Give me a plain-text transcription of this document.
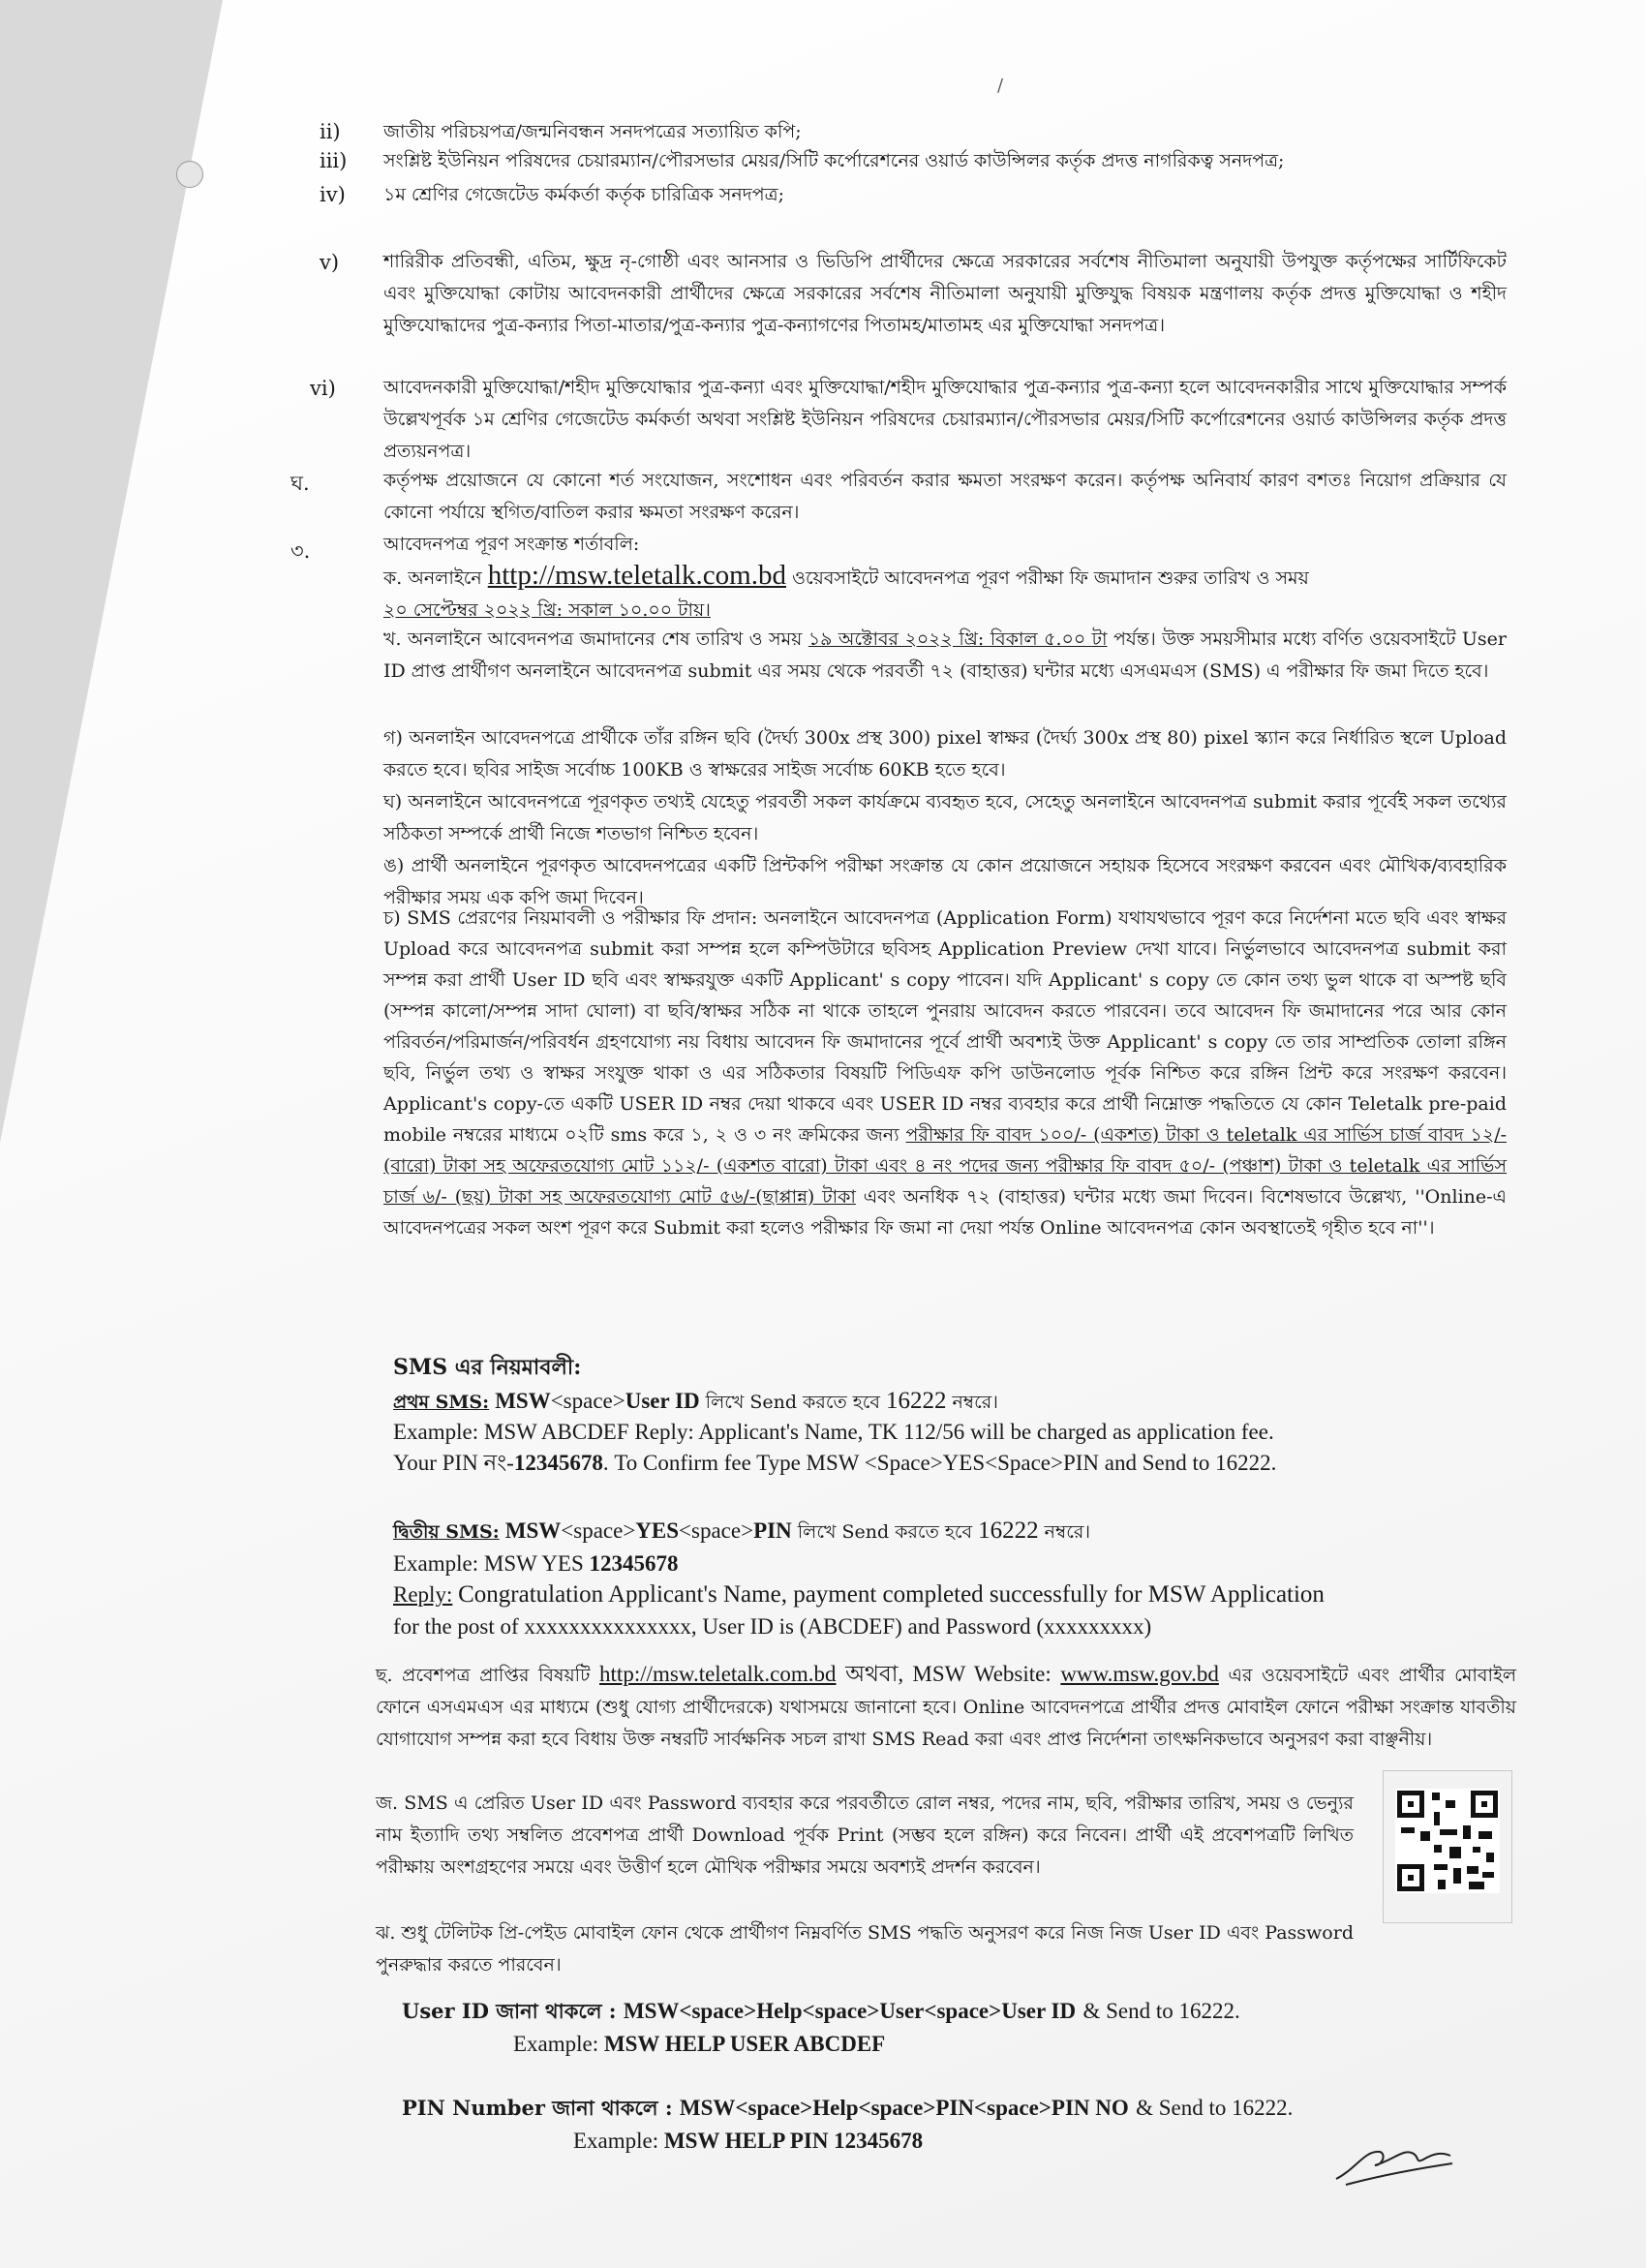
/
ii) জাতীয় পরিচয়পত্র/জন্মনিবন্ধন সনদপত্রের সত্যায়িত কপি;
iii) সংশ্লিষ্ট ইউনিয়ন পরিষদের চেয়ারম্যান/পৌরসভার মেয়র/সিটি কর্পোরেশনের ওয়ার্ড কাউন্সিলর কর্তৃক প্রদত্ত নাগরিকত্ব সনদপত্র;
iv) ১ম শ্রেণির গেজেটেড কর্মকর্তা কর্তৃক চারিত্রিক সনদপত্র;
v) শারিরীক প্রতিবন্ধী, এতিম, ক্ষুদ্র নৃ-গোষ্ঠী এবং আনসার ও ভিডিপি প্রার্থীদের ক্ষেত্রে সরকারের সর্বশেষ নীতিমালা অনুযায়ী উপযুক্ত কর্তৃপক্ষের সার্টিফিকেট এবং মুক্তিযোদ্ধা কোটায় আবেদনকারী প্রার্থীদের ক্ষেত্রে সরকারের সর্বশেষ নীতিমালা অনুযায়ী মুক্তিযুদ্ধ বিষয়ক মন্ত্রণালয় কর্তৃক প্রদত্ত মুক্তিযোদ্ধা ও শহীদ মুক্তিযোদ্ধাদের পুত্র-কন্যার পিতা-মাতার/পুত্র-কন্যার পুত্র-কন্যাগণের পিতামহ/মাতামহ এর মুক্তিযোদ্ধা সনদপত্র।
vi)	আবেদনকারী মুক্তিযোদ্ধা/শহীদ মুক্তিযোদ্ধার পুত্র-কন্যা এবং মুক্তিযোদ্ধা/শহীদ মুক্তিযোদ্ধার পুত্র-কন্যার পুত্র-কন্যা হলে আবেদনকারীর সাথে মুক্তিযোদ্ধার সম্পর্ক উল্লেখপূর্বক ১ম শ্রেণির গেজেটেড কর্মকর্তা অথবা সংশ্লিষ্ট ইউনিয়ন পরিষদের চেয়ারম্যান/পৌরসভার মেয়র/সিটি কর্পোরেশনের ওয়ার্ড কাউন্সিলর কর্তৃক প্রদত্ত প্রত্যয়নপত্র।
ঘ.	কর্তৃপক্ষ প্রয়োজনে যে কোনো শর্ত সংযোজন, সংশোধন এবং পরিবর্তন করার ক্ষমতা সংরক্ষণ করেন। কর্তৃপক্ষ অনিবার্য কারণ বশতঃ নিয়োগ প্রক্রিয়ার যে কোনো পর্যায়ে স্থগিত/বাতিল করার ক্ষমতা সংরক্ষণ করেন।
৩.	আবেদনপত্র পূরণ সংক্রান্ত শর্তাবলি:
ক. অনলাইনে http://msw.teletalk.com.bd ওয়েবসাইটে আবেদনপত্র পূরণ পরীক্ষা ফি জমাদান শুরুর তারিখ ও সময়
২০ সেপ্টেম্বর ২০২২ খ্রি: সকাল ১০.০০ টায়।
খ. অনলাইনে আবেদনপত্র জমাদানের শেষ তারিখ ও সময় ১৯ অক্টোবর ২০২২ খ্রি: বিকাল ৫.০০ টা পর্যন্ত। উক্ত সময়সীমার মধ্যে বর্ণিত ওয়েবসাইটে User ID প্রাপ্ত প্রার্থীগণ অনলাইনে আবেদনপত্র submit এর সময় থেকে পরবর্তী ৭২ (বাহাত্তর) ঘন্টার মধ্যে এসএমএস (SMS) এ পরীক্ষার ফি জমা দিতে হবে।
গ) অনলাইন আবেদনপত্রে প্রার্থীকে তাঁর রঙ্গিন ছবি (দৈর্ঘ্য 300x প্রস্থ 300) pixel স্বাক্ষর (দৈর্ঘ্য 300x প্রস্থ 80) pixel স্ক্যান করে নির্ধারিত স্থলে Upload করতে হবে। ছবির সাইজ সর্বোচ্চ 100KB ও স্বাক্ষরের সাইজ সর্বোচ্চ 60KB হতে হবে।
ঘ) অনলাইনে আবেদনপত্রে পূরণকৃত তথ্যই যেহেতু পরবর্তী সকল কার্যক্রমে ব্যবহৃত হবে, সেহেতু অনলাইনে আবেদনপত্র submit করার পূর্বেই সকল তথ্যের সঠিকতা সম্পর্কে প্রার্থী নিজে শতভাগ নিশ্চিত হবেন।
ঙ) প্রার্থী অনলাইনে পূরণকৃত আবেদনপত্রের একটি প্রিন্টকপি পরীক্ষা সংক্রান্ত যে কোন প্রয়োজনে সহায়ক হিসেবে সংরক্ষণ করবেন এবং মৌখিক/ব্যবহারিক পরীক্ষার সময় এক কপি জমা দিবেন।
চ) SMS প্রেরণের নিয়মাবলী ও পরীক্ষার ফি প্রদান: অনলাইনে আবেদনপত্র (Application Form) যথাযথভাবে পূরণ করে নির্দেশনা মতে ছবি এবং স্বাক্ষর Upload করে আবেদনপত্র submit করা সম্পন্ন হলে কম্পিউটারে ছবিসহ Application Preview দেখা যাবে। নির্ভুলভাবে আবেদনপত্র submit করা সম্পন্ন করা প্রার্থী User ID ছবি এবং স্বাক্ষরযুক্ত একটি Applicant' s copy পাবেন। যদি Applicant' s copy তে কোন তথ্য ভুল থাকে বা অস্পষ্ট ছবি (সম্পন্ন কালো/সম্পন্ন সাদা ঘোলা) বা ছবি/স্বাক্ষর সঠিক না থাকে তাহলে পুনরায় আবেদন করতে পারবেন। তবে আবেদন ফি জমাদানের পরে আর কোন পরিবর্তন/পরিমার্জন/পরিবর্ধন গ্রহণযোগ্য নয় বিধায় আবেদন ফি জমাদানের পূর্বে প্রার্থী অবশ্যই উক্ত Applicant' s copy তে তার সাম্প্রতিক তোলা রঙ্গিন ছবি, নির্ভুল তথ্য ও স্বাক্ষর সংযুক্ত থাকা ও এর সঠিকতার বিষয়টি পিডিএফ কপি ডাউনলোড পূর্বক নিশ্চিত করে রঙ্গিন প্রিন্ট করে সংরক্ষণ করবেন। Applicant's copy-তে একটি USER ID নম্বর দেয়া থাকবে এবং USER ID নম্বর ব্যবহার করে প্রার্থী নিম্নোক্ত পদ্ধতিতে যে কোন Teletalk pre-paid mobile নম্বরের মাধ্যমে ০২টি sms করে ১, ২ ও ৩ নং ক্রমিকের জন্য পরীক্ষার ফি বাবদ ১০০/- (একশত) টাকা ও teletalk এর সার্ভিস চার্জ বাবদ ১২/- (বারো) টাকা সহ অফেরতযোগ্য মোট ১১২/- (একশত বারো) টাকা এবং ৪ নং পদের জন্য পরীক্ষার ফি বাবদ ৫০/- (পঞ্চাশ) টাকা ও teletalk এর সার্ভিস চার্জ ৬/- (ছয়) টাকা সহ অফেরতযোগ্য মোট ৫৬/-(ছাপ্পান্ন) টাকা এবং অনধিক ৭২ (বাহাত্তর) ঘন্টার মধ্যে জমা দিবেন। বিশেষভাবে উল্লেখ্য, ''Online-এ আবেদনপত্রের সকল অংশ পূরণ করে Submit করা হলেও পরীক্ষার ফি জমা না দেয়া পর্যন্ত Online আবেদনপত্র কোন অবস্থাতেই গৃহীত হবে না''।
SMS এর নিয়মাবলী:
প্রথম SMS: MSW<space>User ID লিখে Send করতে হবে 16222 নম্বরে।
Example: MSW ABCDEF Reply: Applicant's Name, TK 112/56 will be charged as application fee.
Your PIN নং-12345678. To Confirm fee Type MSW <Space>YES<Space>PIN and Send to 16222.
দ্বিতীয় SMS: MSW<space>YES<space>PIN লিখে Send করতে হবে 16222 নম্বরে।
Example: MSW YES 12345678
Reply: Congratulation Applicant's Name, payment completed successfully for MSW Application
for the post of xxxxxxxxxxxxxxx, User ID is (ABCDEF) and Password (xxxxxxxxx)
ছ. প্রবেশপত্র প্রাপ্তির বিষয়টি http://msw.teletalk.com.bd অথবা, MSW Website: www.msw.gov.bd এর ওয়েবসাইটে এবং প্রার্থীর মোবাইল ফোনে এসএমএস এর মাধ্যমে (শুধু যোগ্য প্রার্থীদেরকে) যথাসময়ে জানানো হবে। Online আবেদনপত্রে প্রার্থীর প্রদত্ত মোবাইল ফোনে পরীক্ষা সংক্রান্ত যাবতীয় যোগাযোগ সম্পন্ন করা হবে বিধায় উক্ত নম্বরটি সার্বক্ষনিক সচল রাখা SMS Read করা এবং প্রাপ্ত নির্দেশনা তাৎক্ষনিকভাবে অনুসরণ করা বাঞ্ছনীয়।
জ. SMS এ প্রেরিত User ID এবং Password ব্যবহার করে পরবর্তীতে রোল নম্বর, পদের নাম, ছবি, পরীক্ষার তারিখ, সময় ও ভেন্যুর নাম ইত্যাদি তথ্য সম্বলিত প্রবেশপত্র প্রার্থী Download পূর্বক Print (সম্ভব হলে রঙ্গিন) করে নিবেন। প্রার্থী এই প্রবেশপত্রটি লিখিত পরীক্ষায় অংশগ্রহণের সময়ে এবং উত্তীর্ণ হলে মৌখিক পরীক্ষার সময়ে অবশ্যই প্রদর্শন করবেন।
ঝ. শুধু টেলিটক প্রি-পেইড মোবাইল ফোন থেকে প্রার্থীগণ নিম্নবর্ণিত SMS পদ্ধতি অনুসরণ করে নিজ নিজ User ID এবং Password পুনরুদ্ধার করতে পারবেন।
User ID জানা থাকলে : MSW<space>Help<space>User<space>User ID & Send to 16222.
Example: MSW HELP USER ABCDEF
PIN Number জানা থাকলে : MSW<space>Help<space>PIN<space>PIN NO & Send to 16222.
Example: MSW HELP PIN 12345678
